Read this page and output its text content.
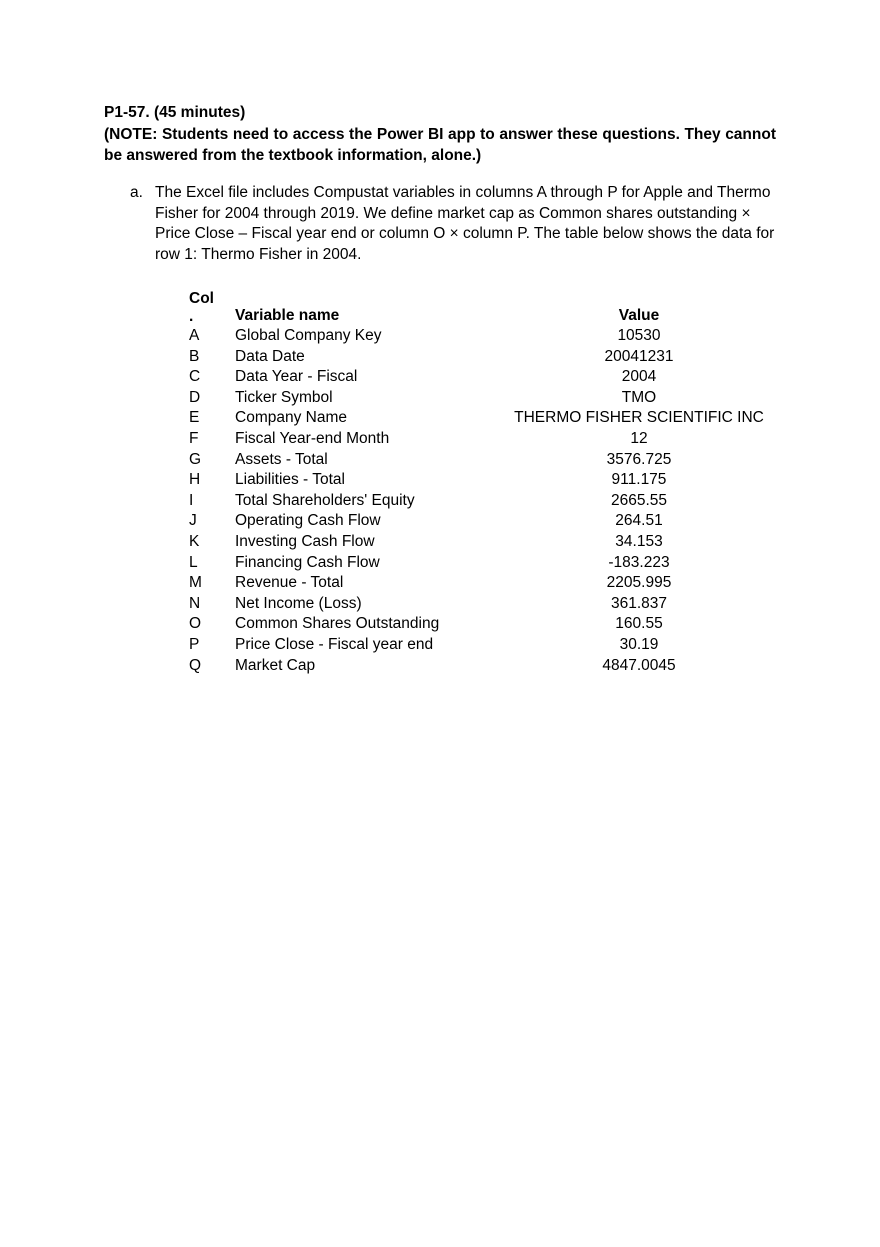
P1-57. (45 minutes)
(NOTE: Students need to access the Power BI app to answer these questions. They cannot be answered from the textbook information, alone.)
a. The Excel file includes Compustat variables in columns A through P for Apple and Thermo Fisher for 2004 through 2019. We define market cap as Common shares outstanding × Price Close – Fiscal year end or column O × column P. The table below shows the data for row 1: Thermo Fisher in 2004.
Col
.	Variable name	Value
A	Global Company Key	10530
B	Data Date	20041231
C	Data Year - Fiscal	2004
D	Ticker Symbol	TMO
E	Company Name	THERMO FISHER SCIENTIFIC INC
F	Fiscal Year-end Month	12
G	Assets - Total	3576.725
H	Liabilities - Total	911.175
I	Total Shareholders' Equity	2665.55
J	Operating Cash Flow	264.51
K	Investing Cash Flow	34.153
L	Financing Cash Flow	-183.223
M	Revenue - Total	2205.995
N	Net Income (Loss)	361.837
O	Common Shares Outstanding	160.55
P	Price Close - Fiscal year end	30.19
Q	Market Cap	4847.0045
